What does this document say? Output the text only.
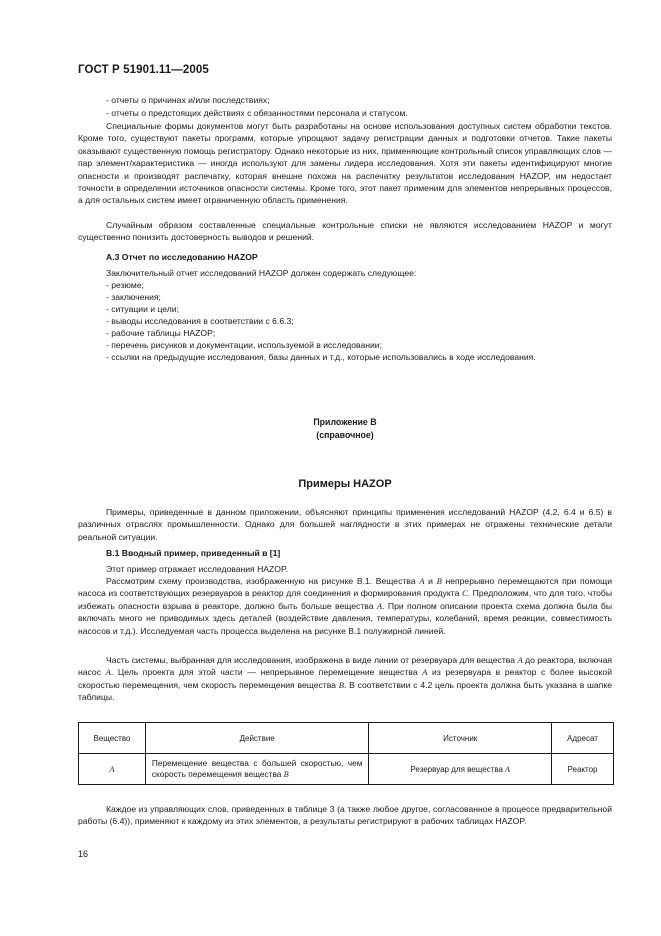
ГОСТ Р 51901.11—2005
- отчеты о причинах и/или последствиях;
- отчеты о предстоящих действиях с обязанностями персонала и статусом.
Специальные формы документов могут быть разработаны на основе использования доступных систем обработки текстов. Кроме того, существуют пакеты программ, которые упрощают задачу регистрации данных и подготовки отчетов. Такие пакеты оказывают существенную помощь регистратору. Однако некоторые из них, применяющие контрольный список управляющих слов — пар элемент/характеристика — иногда используют для замены лидера исследования. Хотя эти пакеты идентифицируют многие опасности и производят распечатку, которая внешне похожа на распечатку результатов исследования HAZOP, им недостает точности в определении источников опасности системы. Кроме того, этот пакет применим для элементов непрерывных процессов, а для остальных систем имеет ограниченную область применения.
Случайным образом составленные специальные контрольные списки не являются исследованием HAZOP и могут существенно понизить достоверность выводов и решений.
А.3 Отчет по исследованию HAZOP
Заключительный отчет исследований HAZOP должен содержать следующее:
- резюме;
- заключения;
- ситуации и цели;
- выводы исследования в соответствии с 6.6.3;
- рабочие таблицы HAZOP;
- перечень рисунков и документации, используемой в исследовании;
- ссылки на предыдущие исследования, базы данных и т.д., которые использовались в ходе исследования.
Приложение В
(справочное)
Примеры HAZOP
Примеры, приведенные в данном приложении, объясняют принципы применения исследований HAZOP (4.2, 6.4 и 6.5) в различных отраслях промышленности. Однако для большей наглядности в этих примерах не отражены технические детали реальной ситуации.
В.1 Вводный пример, приведенный в [1]
Этот пример отражает исследования HAZOP.
Рассмотрим схему производства, изображенную на рисунке В.1. Вещества A и B непрерывно перемещаются при помощи насоса из соответствующих резервуаров в реактор для соединения и формирования продукта C. Предположим, что для того, чтобы избежать опасности взрыва в реакторе, должно быть больше вещества A. При полном описании проекта схема должна была бы включать много не приводимых здесь деталей (воздействие давления, температуры, колебаний, время реакции, совместимость насосов и т.д.). Исследуемая часть процесса выделена на рисунке В.1 полужирной линией.
Часть системы, выбранная для исследования, изображена в виде линии от резервуара для вещества A до реактора, включая насос A. Цель проекта для этой части — непрерывное перемещение вещества A из резервуара в реактор с более высокой скоростью перемещения, чем скорость перемещения вещества B. В соответствии с 4.2 цель проекта должна быть указана в шапке таблицы.
Вещество	Действие	Источник	Адресат
A	Перемещение вещества с большей скоростью, чем скорость перемещения вещества B	Резервуар для вещества A	Реактор
Каждое из управляющих слов, приведенных в таблице 3 (а также любое другое, согласованное в процессе предварительной работы (6.4)), применяют к каждому из этих элементов, а результаты регистрируют в рабочих таблицах HAZOP.
16
